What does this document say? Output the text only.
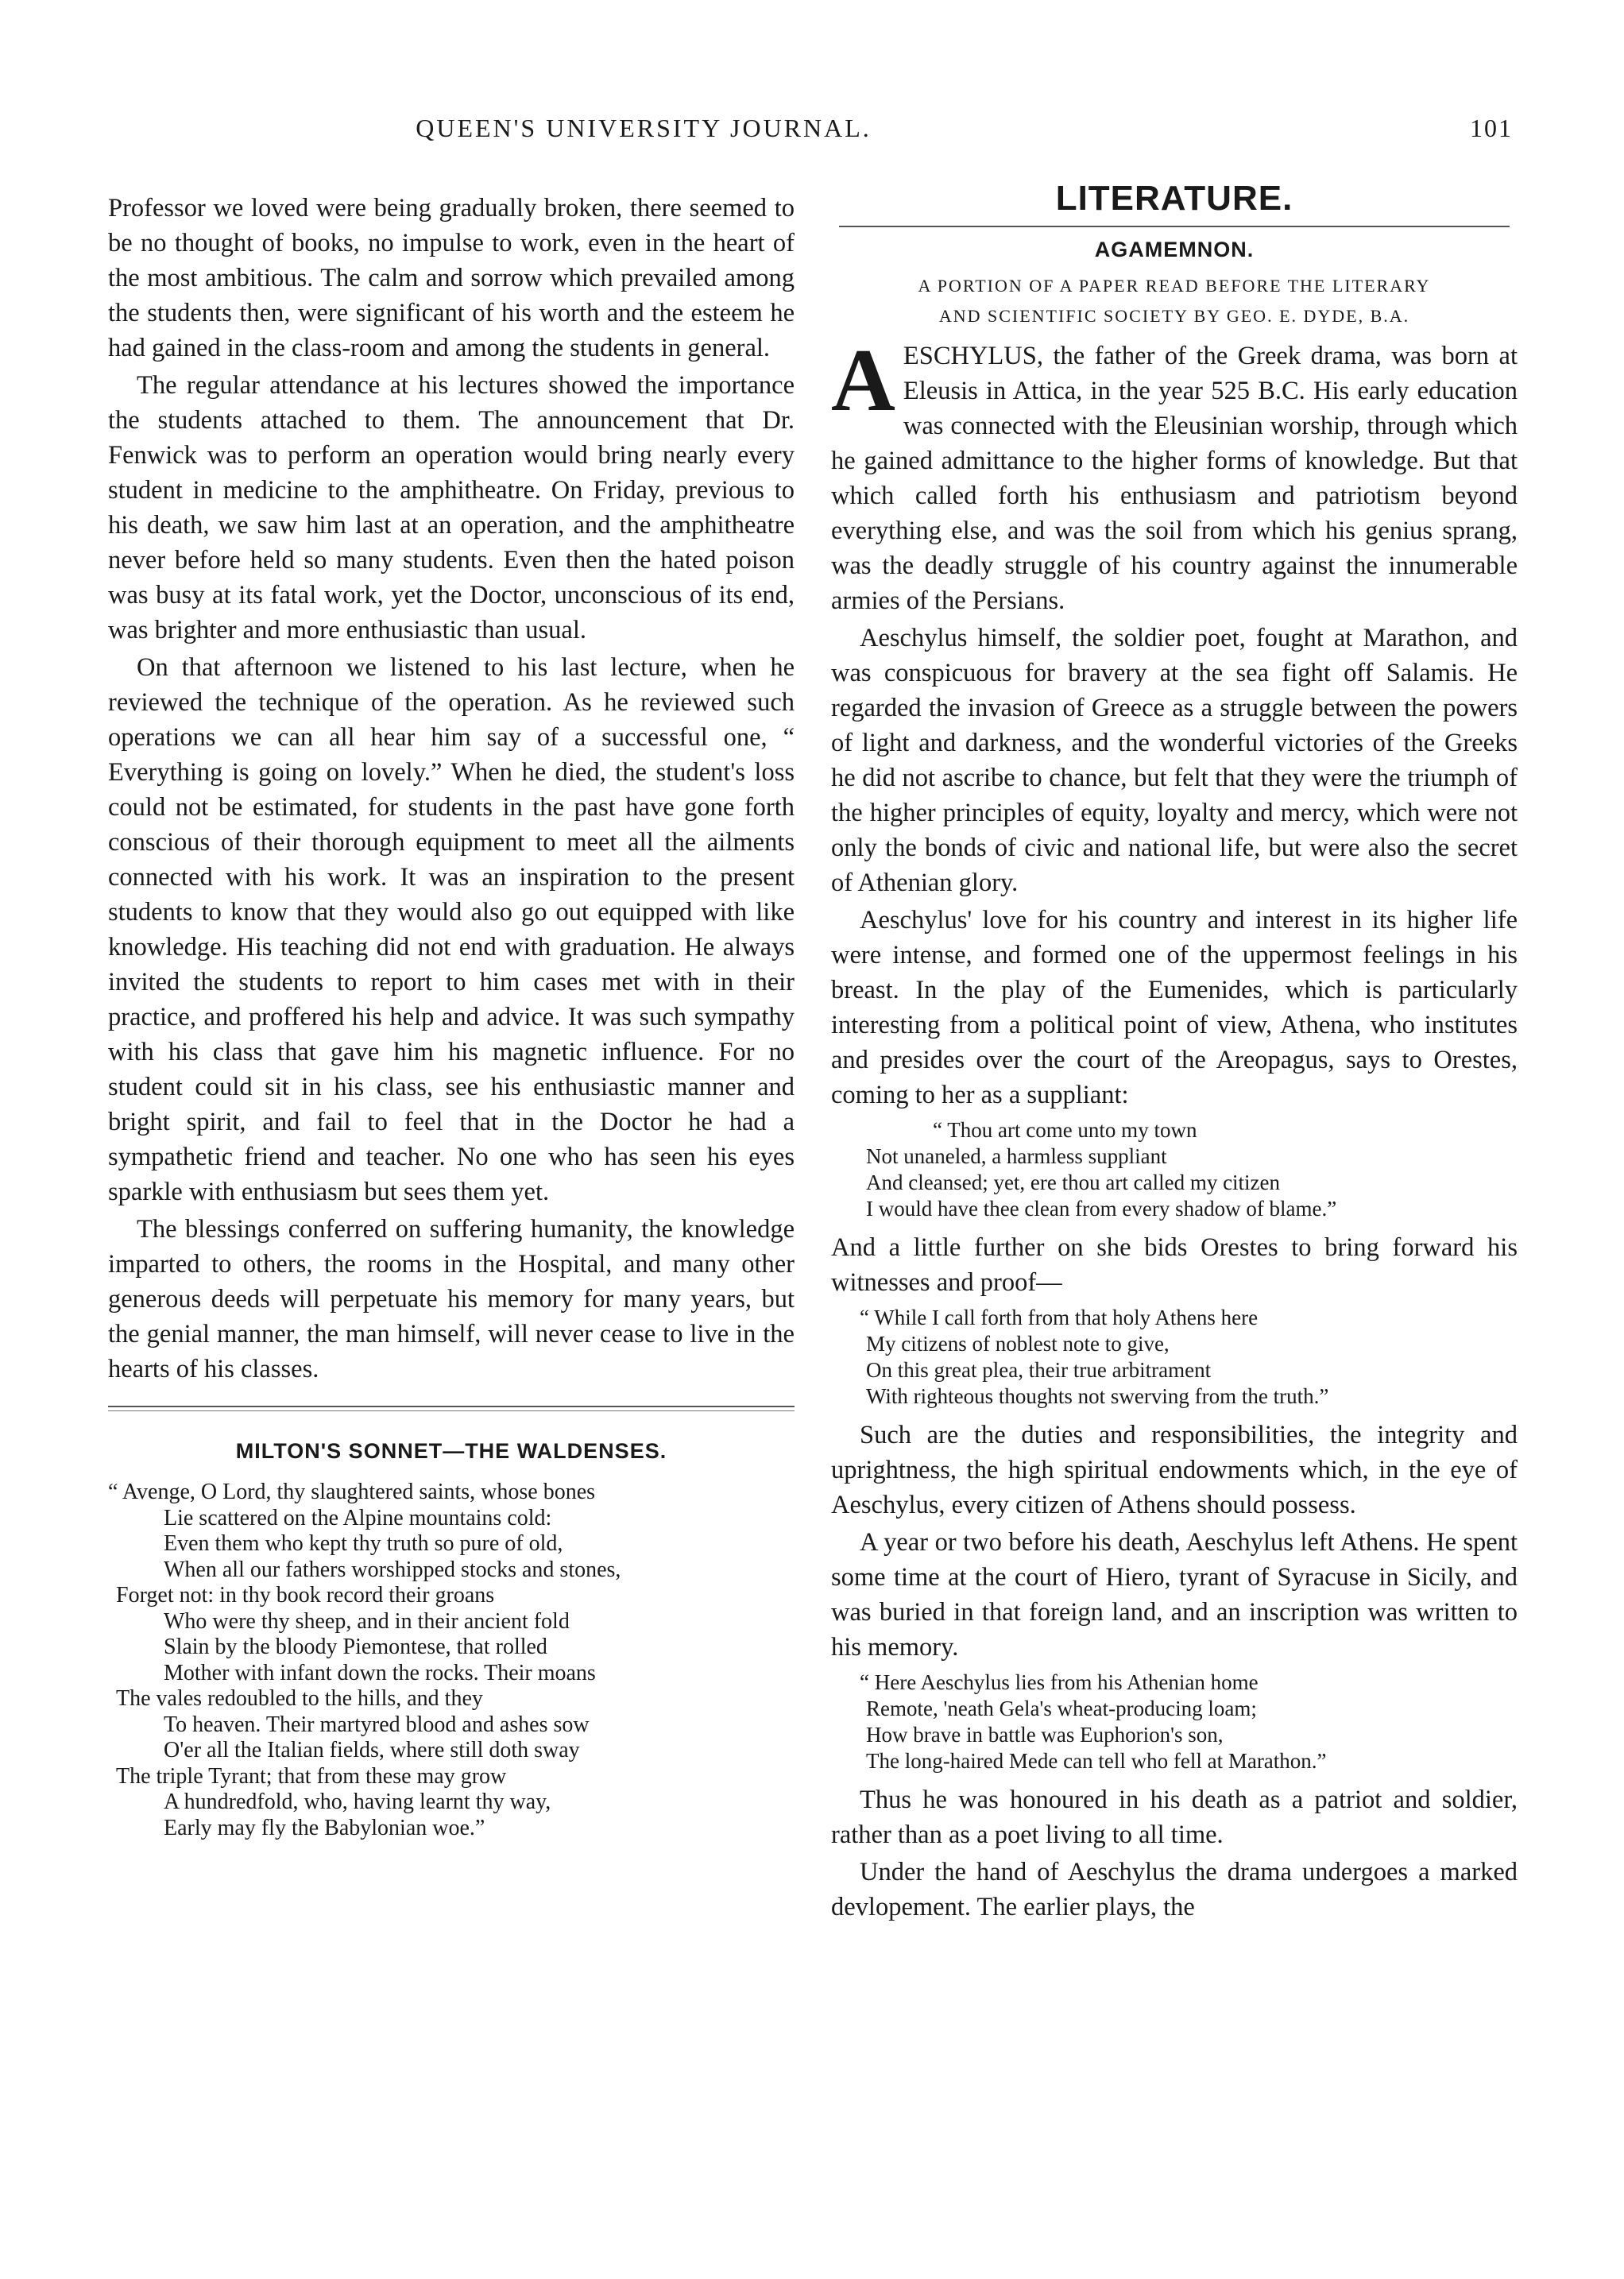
QUEEN'S UNIVERSITY JOURNAL.	101

Professor we loved were being gradually broken, there seemed to be no thought of books, no impulse to work, even in the heart of the most ambitious. The calm and sorrow which prevailed among the students then, were significant of his worth and the esteem he had gained in the class-room and among the students in general.

The regular attendance at his lectures showed the importance the students attached to them. The announcement that Dr. Fenwick was to perform an operation would bring nearly every student in medicine to the amphitheatre. On Friday, previous to his death, we saw him last at an operation, and the amphitheatre never before held so many students. Even then the hated poison was busy at its fatal work, yet the Doctor, unconscious of its end, was brighter and more enthusiastic than usual.

On that afternoon we listened to his last lecture, when he reviewed the technique of the operation. As he reviewed such operations we can all hear him say of a successful one, “ Everything is going on lovely.” When he died, the student's loss could not be estimated, for students in the past have gone forth conscious of their thorough equipment to meet all the ailments connected with his work. It was an inspiration to the present students to know that they would also go out equipped with like knowledge. His teaching did not end with graduation. He always invited the students to report to him cases met with in their practice, and proffered his help and advice. It was such sympathy with his class that gave him his magnetic influence. For no student could sit in his class, see his enthusiastic manner and bright spirit, and fail to feel that in the Doctor he had a sympathetic friend and teacher. No one who has seen his eyes sparkle with enthusiasm but sees them yet.

The blessings conferred on suffering humanity, the knowledge imparted to others, the rooms in the Hospital, and many other generous deeds will perpetuate his memory for many years, but the genial manner, the man himself, will never cease to live in the hearts of his classes.

MILTON'S SONNET—THE WALDENSES.
“ Avenge, O Lord, thy slaughtered saints, whose bones
Lie scattered on the Alpine mountains cold:
Even them who kept thy truth so pure of old,
When all our fathers worshipped stocks and stones,
Forget not: in thy book record their groans
Who were thy sheep, and in their ancient fold
Slain by the bloody Piemontese, that rolled
Mother with infant down the rocks. Their moans
The vales redoubled to the hills, and they
To heaven. Their martyred blood and ashes sow
O'er all the Italian fields, where still doth sway
The triple Tyrant; that from these may grow
A hundredfold, who, having learnt thy way,
Early may fly the Babylonian woe.”
LITERATURE.
AGAMEMNON.
A PORTION OF A PAPER READ BEFORE THE LITERARY
AND SCIENTIFIC SOCIETY BY GEO. E. DYDE, B.A.

AESCHYLUS, the father of the Greek drama, was born at Eleusis in Attica, in the year 525 B.C. His early education was connected with the Eleusinian worship, through which he gained admittance to the higher forms of knowledge. But that which called forth his enthusiasm and patriotism beyond everything else, and was the soil from which his genius sprang, was the deadly struggle of his country against the innumerable armies of the Persians.

Aeschylus himself, the soldier poet, fought at Marathon, and was conspicuous for bravery at the sea fight off Salamis. He regarded the invasion of Greece as a struggle between the powers of light and darkness, and the wonderful victories of the Greeks he did not ascribe to chance, but felt that they were the triumph of the higher principles of equity, loyalty and mercy, which were not only the bonds of civic and national life, but were also the secret of Athenian glory.

Aeschylus' love for his country and interest in its higher life were intense, and formed one of the uppermost feelings in his breast. In the play of the Eumenides, which is particularly interesting from a political point of view, Athena, who institutes and presides over the court of the Areopagus, says to Orestes, coming to her as a suppliant:

“ Thou art come unto my town
Not unaneled, a harmless suppliant
And cleansed; yet, ere thou art called my citizen
I would have thee clean from every shadow of blame.”

And a little further on she bids Orestes to bring forward his witnesses and proof—

“ While I call forth from that holy Athens here
My citizens of noblest note to give,
On this great plea, their true arbitrament
With righteous thoughts not swerving from the truth.”

Such are the duties and responsibilities, the integrity and uprightness, the high spiritual endowments which, in the eye of Aeschylus, every citizen of Athens should possess.

A year or two before his death, Aeschylus left Athens. He spent some time at the court of Hiero, tyrant of Syracuse in Sicily, and was buried in that foreign land, and an inscription was written to his memory.

“ Here Aeschylus lies from his Athenian home
Remote, 'neath Gela's wheat-producing loam;
How brave in battle was Euphorion's son,
The long-haired Mede can tell who fell at Marathon.”

Thus he was honoured in his death as a patriot and soldier, rather than as a poet living to all time.

Under the hand of Aeschylus the drama undergoes a marked devlopement. The earlier plays, the
